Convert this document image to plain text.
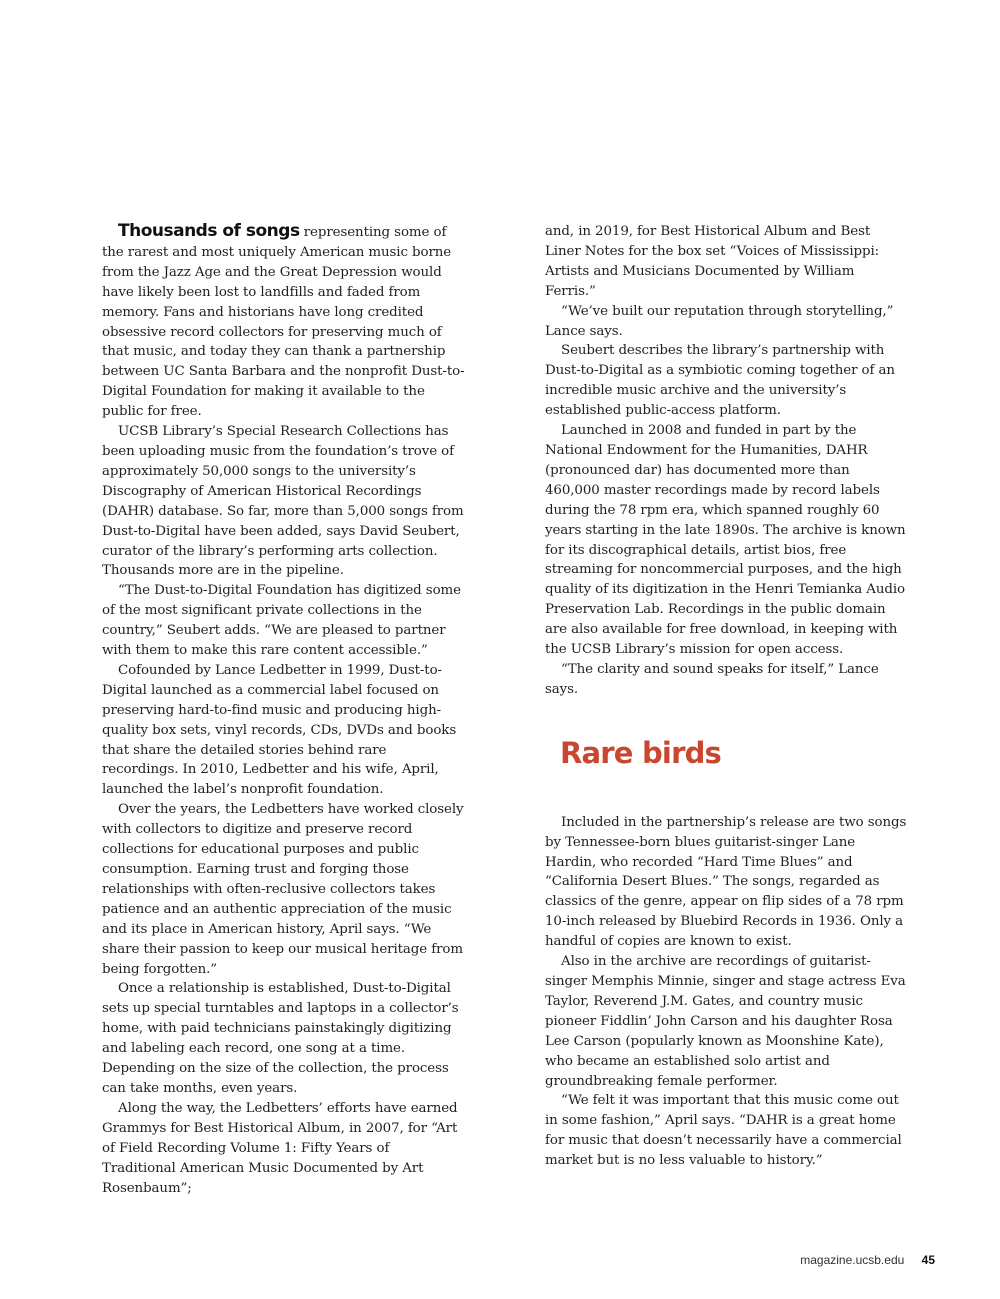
Thousands of songs representing some of the rarest and most uniquely American music borne from the Jazz Age and the Great Depression would have likely been lost to landfills and faded from memory. Fans and historians have long credited obsessive record collectors for preserving much of that music, and today they can thank a partnership between UC Santa Barbara and the nonprofit Dust-to-Digital Foundation for making it available to the public for free.

UCSB Library’s Special Research Collections has been uploading music from the foundation’s trove of approximately 50,000 songs to the university’s Discography of American Historical Recordings (DAHR) database. So far, more than 5,000 songs from Dust-to-Digital have been added, says David Seubert, curator of the library’s performing arts collection. Thousands more are in the pipeline.

“The Dust-to-Digital Foundation has digitized some of the most significant private collections in the country,” Seubert adds. “We are pleased to partner with them to make this rare content accessible.”

Cofounded by Lance Ledbetter in 1999, Dust-to-Digital launched as a commercial label focused on preserving hard-to-find music and producing high-quality box sets, vinyl records, CDs, DVDs and books that share the detailed stories behind rare recordings. In 2010, Ledbetter and his wife, April, launched the label’s nonprofit foundation.

Over the years, the Ledbetters have worked closely with collectors to digitize and preserve record collections for educational purposes and public consumption. Earning trust and forging those relationships with often-reclusive collectors takes patience and an authentic appreciation of the music and its place in American history, April says. “We share their passion to keep our musical heritage from being forgotten.”

Once a relationship is established, Dust-to-Digital sets up special turntables and laptops in a collector’s home, with paid technicians painstakingly digitizing and labeling each record, one song at a time. Depending on the size of the collection, the process can take months, even years.

Along the way, the Ledbetters’ efforts have earned Grammys for Best Historical Album, in 2007, for “Art of Field Recording Volume 1: Fifty Years of Traditional American Music Documented by Art Rosenbaum”;

and, in 2019, for Best Historical Album and Best Liner Notes for the box set “Voices of Mississippi: Artists and Musicians Documented by William Ferris.”

“We’ve built our reputation through storytelling,” Lance says.

Seubert describes the library’s partnership with Dust-to-Digital as a symbiotic coming together of an incredible music archive and the university’s established public-access platform.

Launched in 2008 and funded in part by the National Endowment for the Humanities, DAHR (pronounced dar) has documented more than 460,000 master recordings made by record labels during the 78 rpm era, which spanned roughly 60 years starting in the late 1890s. The archive is known for its discographical details, artist bios, free streaming for noncommercial purposes, and the high quality of its digitization in the Henri Temianka Audio Preservation Lab. Recordings in the public domain are also available for free download, in keeping with the UCSB Library’s mission for open access.

“The clarity and sound speaks for itself,” Lance says.

Rare birds

Included in the partnership’s release are two songs by Tennessee-born blues guitarist-singer Lane Hardin, who recorded “Hard Time Blues” and “California Desert Blues.” The songs, regarded as classics of the genre, appear on flip sides of a 78 rpm 10-inch released by Bluebird Records in 1936. Only a handful of copies are known to exist.

Also in the archive are recordings of guitarist-singer Memphis Minnie, singer and stage actress Eva Taylor, Reverend J.M. Gates, and country music pioneer Fiddlin’ John Carson and his daughter Rosa Lee Carson (popularly known as Moonshine Kate), who became an established solo artist and groundbreaking female performer.

“We felt it was important that this music come out in some fashion,” April says. “DAHR is a great home for music that doesn’t necessarily have a commercial market but is no less valuable to history.”

magazine.ucsb.edu 45
